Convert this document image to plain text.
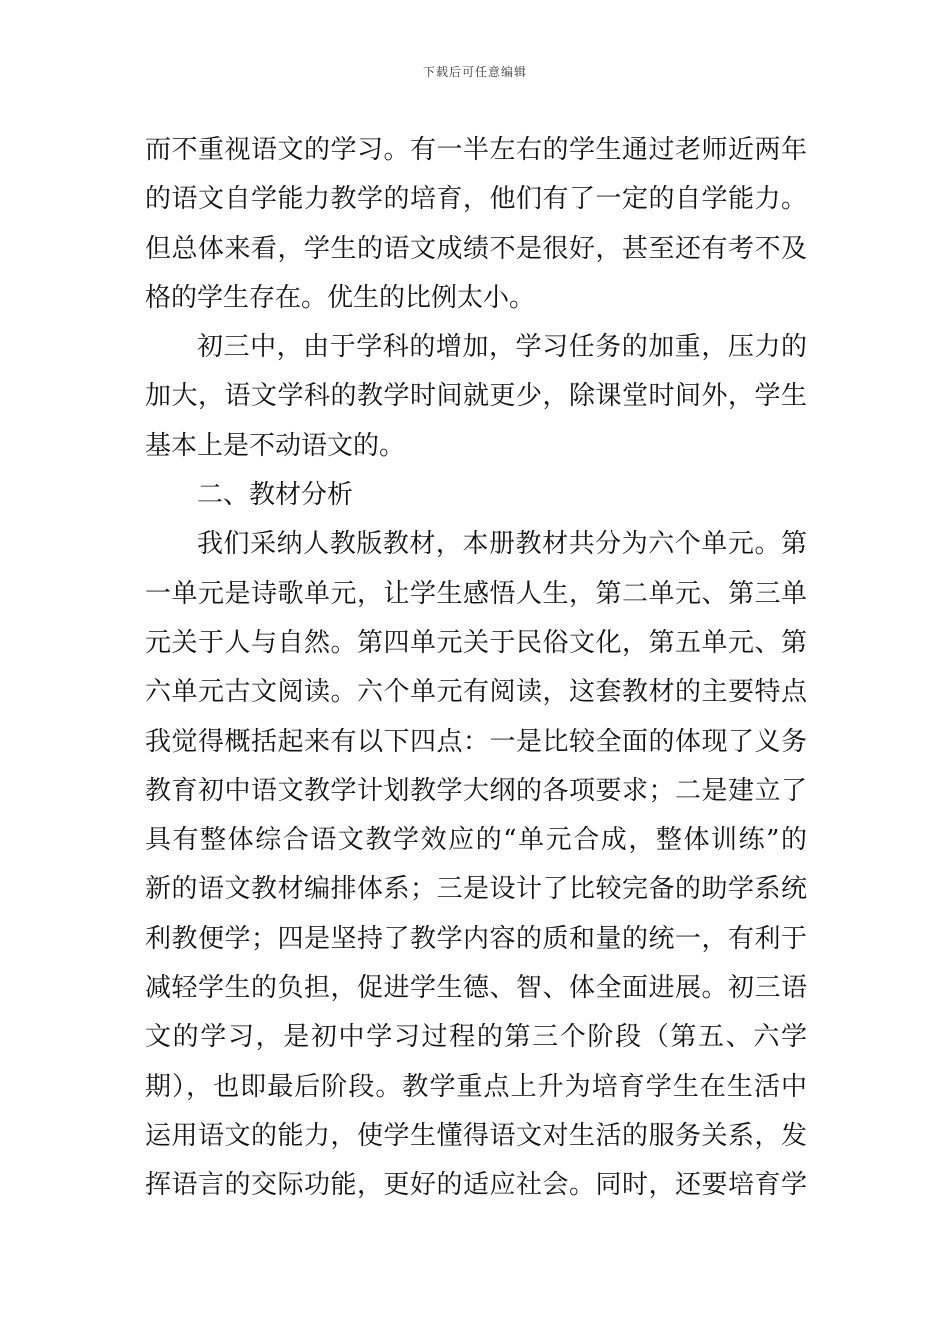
下载后可任意编辑
而不重视语文的学习。有一半左右的学生通过老师近两年
的语文自学能力教学的培育，他们有了一定的自学能力。
但总体来看，学生的语文成绩不是很好，甚至还有考不及
格的学生存在。优生的比例太小。
初三中，由于学科的增加，学习任务的加重，压力的
加大，语文学科的教学时间就更少，除课堂时间外，学生
基本上是不动语文的。
二、教材分析
我们采纳人教版教材，本册教材共分为六个单元。第
一单元是诗歌单元，让学生感悟人生，第二单元、第三单
元关于人与自然。第四单元关于民俗文化，第五单元、第
六单元古文阅读。六个单元有阅读，这套教材的主要特点
我觉得概括起来有以下四点：一是比较全面的体现了义务
教育初中语文教学计划教学大纲的各项要求；二是建立了
具有整体综合语文教学效应的“单元合成，整体训练”的
新的语文教材编排体系；三是设计了比较完备的助学系统
利教便学；四是坚持了教学内容的质和量的统一，有利于
减轻学生的负担，促进学生德、智、体全面进展。初三语
文的学习，是初中学习过程的第三个阶段（第五、六学
期），也即最后阶段。教学重点上升为培育学生在生活中
运用语文的能力，使学生懂得语文对生活的服务关系，发
挥语言的交际功能，更好的适应社会。同时，还要培育学
